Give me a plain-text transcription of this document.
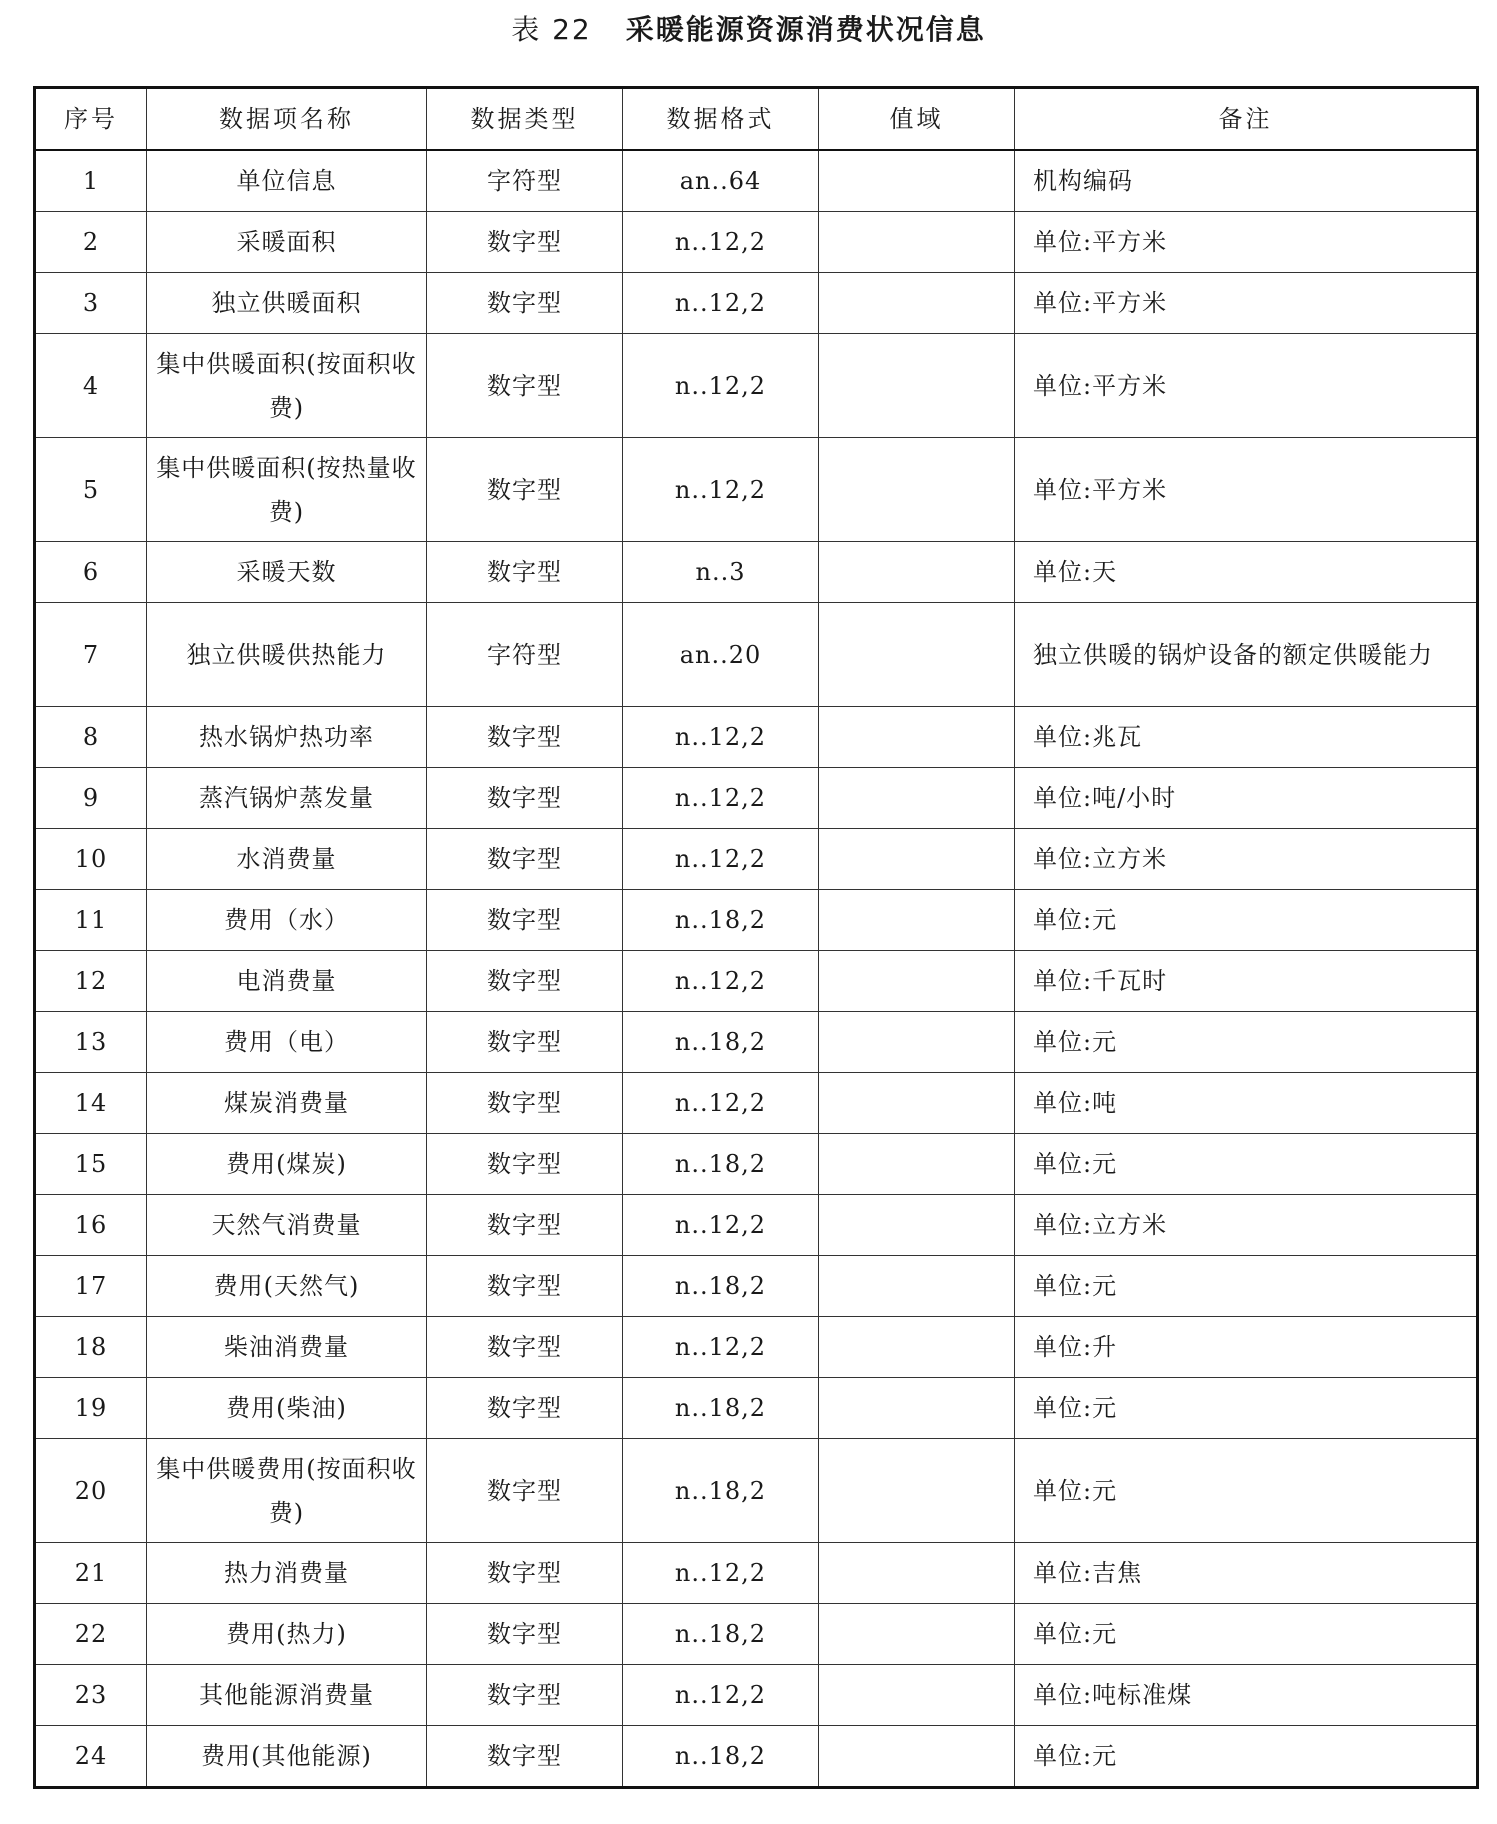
表 22 采暖能源资源消费状况信息
序号	数据项名称	数据类型	数据格式	值域	备注
1	单位信息	字符型	an..64		机构编码
2	采暖面积	数字型	n..12,2		单位:平方米
3	独立供暖面积	数字型	n..12,2		单位:平方米
4	集中供暖面积(按面积收费)	数字型	n..12,2		单位:平方米
5	集中供暖面积(按热量收费)	数字型	n..12,2		单位:平方米
6	采暖天数	数字型	n..3		单位:天
7	独立供暖供热能力	字符型	an..20		独立供暖的锅炉设备的额定供暖能力
8	热水锅炉热功率	数字型	n..12,2		单位:兆瓦
9	蒸汽锅炉蒸发量	数字型	n..12,2		单位:吨/小时
10	水消费量	数字型	n..12,2		单位:立方米
11	费用（水）	数字型	n..18,2		单位:元
12	电消费量	数字型	n..12,2		单位:千瓦时
13	费用（电）	数字型	n..18,2		单位:元
14	煤炭消费量	数字型	n..12,2		单位:吨
15	费用(煤炭)	数字型	n..18,2		单位:元
16	天然气消费量	数字型	n..12,2		单位:立方米
17	费用(天然气)	数字型	n..18,2		单位:元
18	柴油消费量	数字型	n..12,2		单位:升
19	费用(柴油)	数字型	n..18,2		单位:元
20	集中供暖费用(按面积收费)	数字型	n..18,2		单位:元
21	热力消费量	数字型	n..12,2		单位:吉焦
22	费用(热力)	数字型	n..18,2		单位:元
23	其他能源消费量	数字型	n..12,2		单位:吨标准煤
24	费用(其他能源)	数字型	n..18,2		单位:元
